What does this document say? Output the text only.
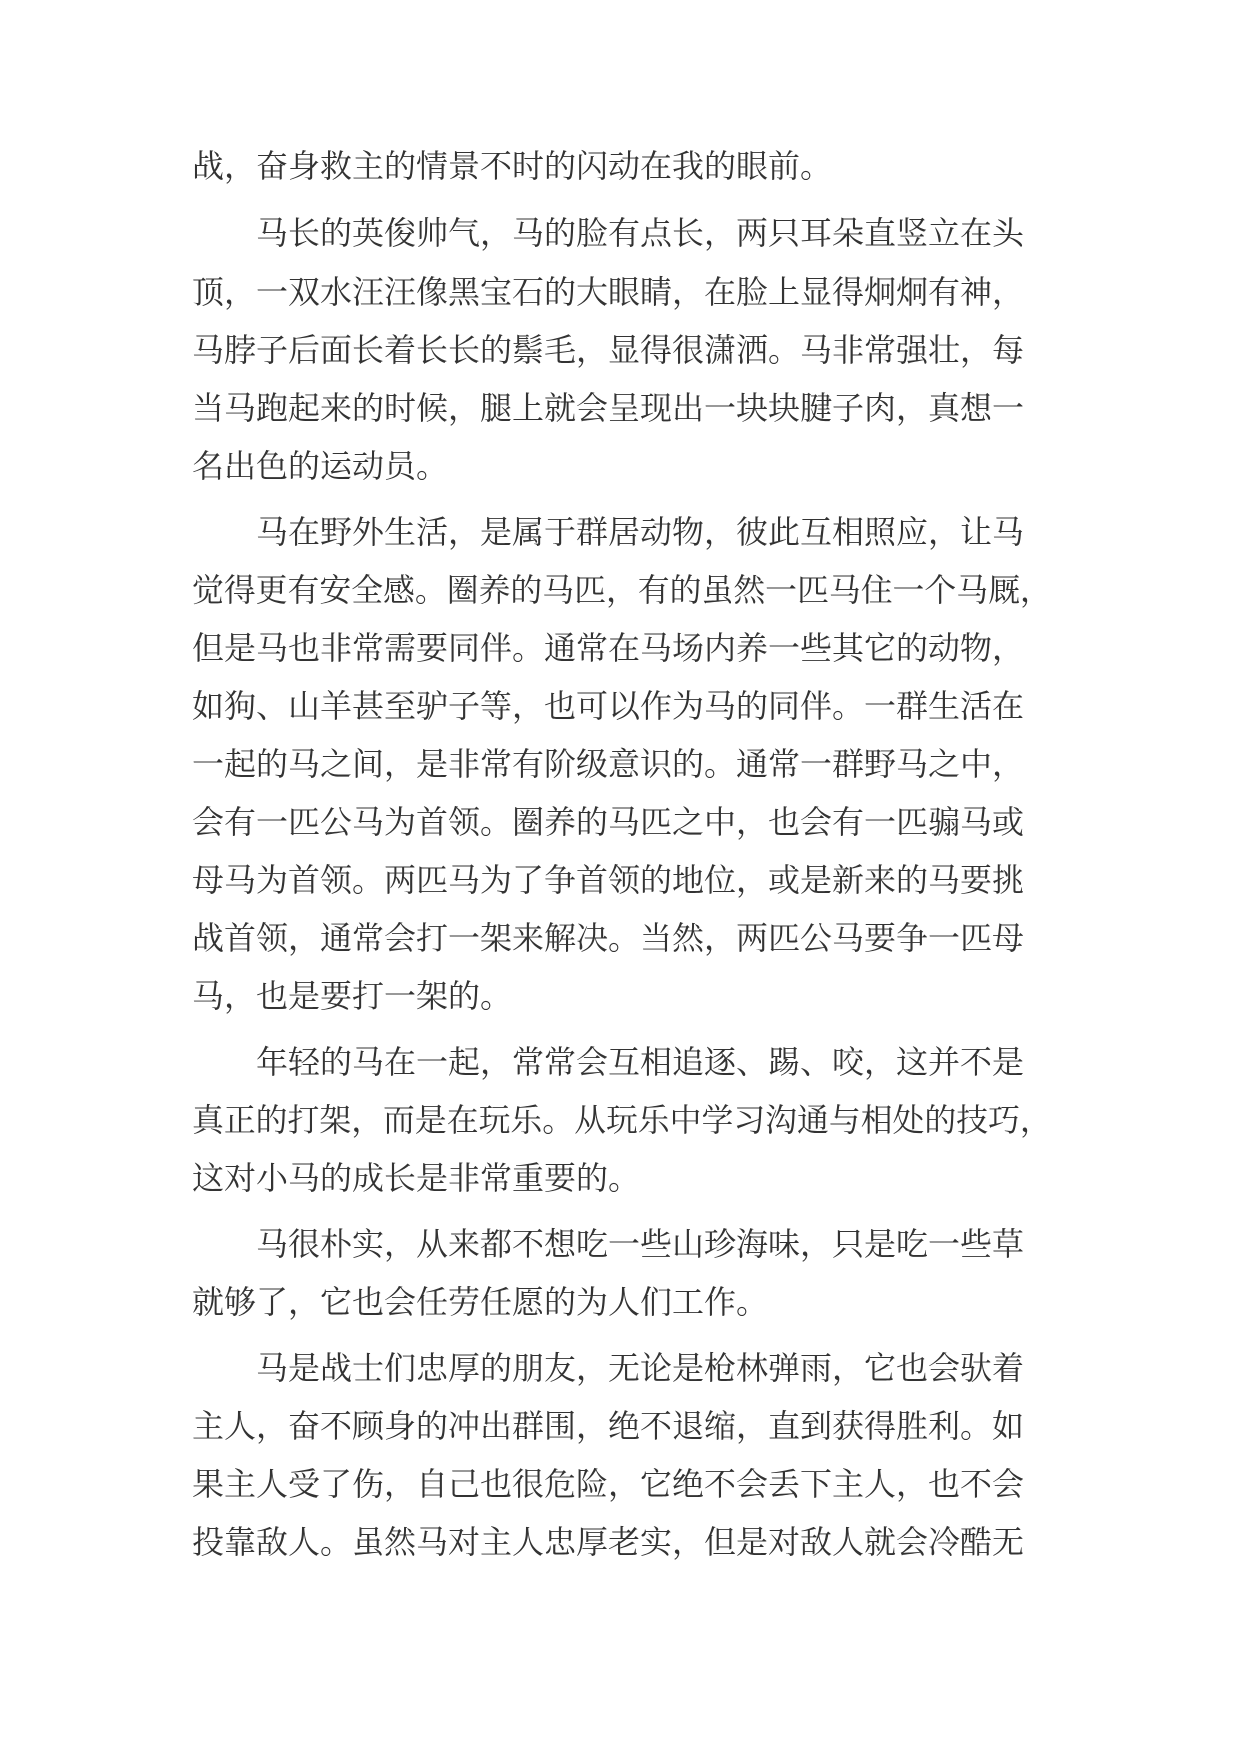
战，奋身救主的情景不时的闪动在我的眼前。
马长的英俊帅气，马的脸有点长，两只耳朵直竖立在头
顶，一双水汪汪像黑宝石的大眼睛，在脸上显得炯炯有神，
马脖子后面长着长长的鬃毛，显得很潇洒。马非常强壮，每
当马跑起来的时候，腿上就会呈现出一块块腱子肉，真想一
名出色的运动员。
马在野外生活，是属于群居动物，彼此互相照应，让马
觉得更有安全感。圈养的马匹，有的虽然一匹马住一个马厩，
但是马也非常需要同伴。通常在马场内养一些其它的动物，
如狗、山羊甚至驴子等，也可以作为马的同伴。一群生活在
一起的马之间，是非常有阶级意识的。通常一群野马之中，
会有一匹公马为首领。圈养的马匹之中，也会有一匹骟马或
母马为首领。两匹马为了争首领的地位，或是新来的马要挑
战首领，通常会打一架来解决。当然，两匹公马要争一匹母
马，也是要打一架的。
年轻的马在一起，常常会互相追逐、踢、咬，这并不是
真正的打架，而是在玩乐。从玩乐中学习沟通与相处的技巧，
这对小马的成长是非常重要的。
马很朴实，从来都不想吃一些山珍海味，只是吃一些草
就够了，它也会任劳任愿的为人们工作。
马是战士们忠厚的朋友，无论是枪林弹雨，它也会驮着
主人，奋不顾身的冲出群围，绝不退缩，直到获得胜利。如
果主人受了伤，自己也很危险，它绝不会丢下主人，也不会
投靠敌人。虽然马对主人忠厚老实，但是对敌人就会冷酷无
